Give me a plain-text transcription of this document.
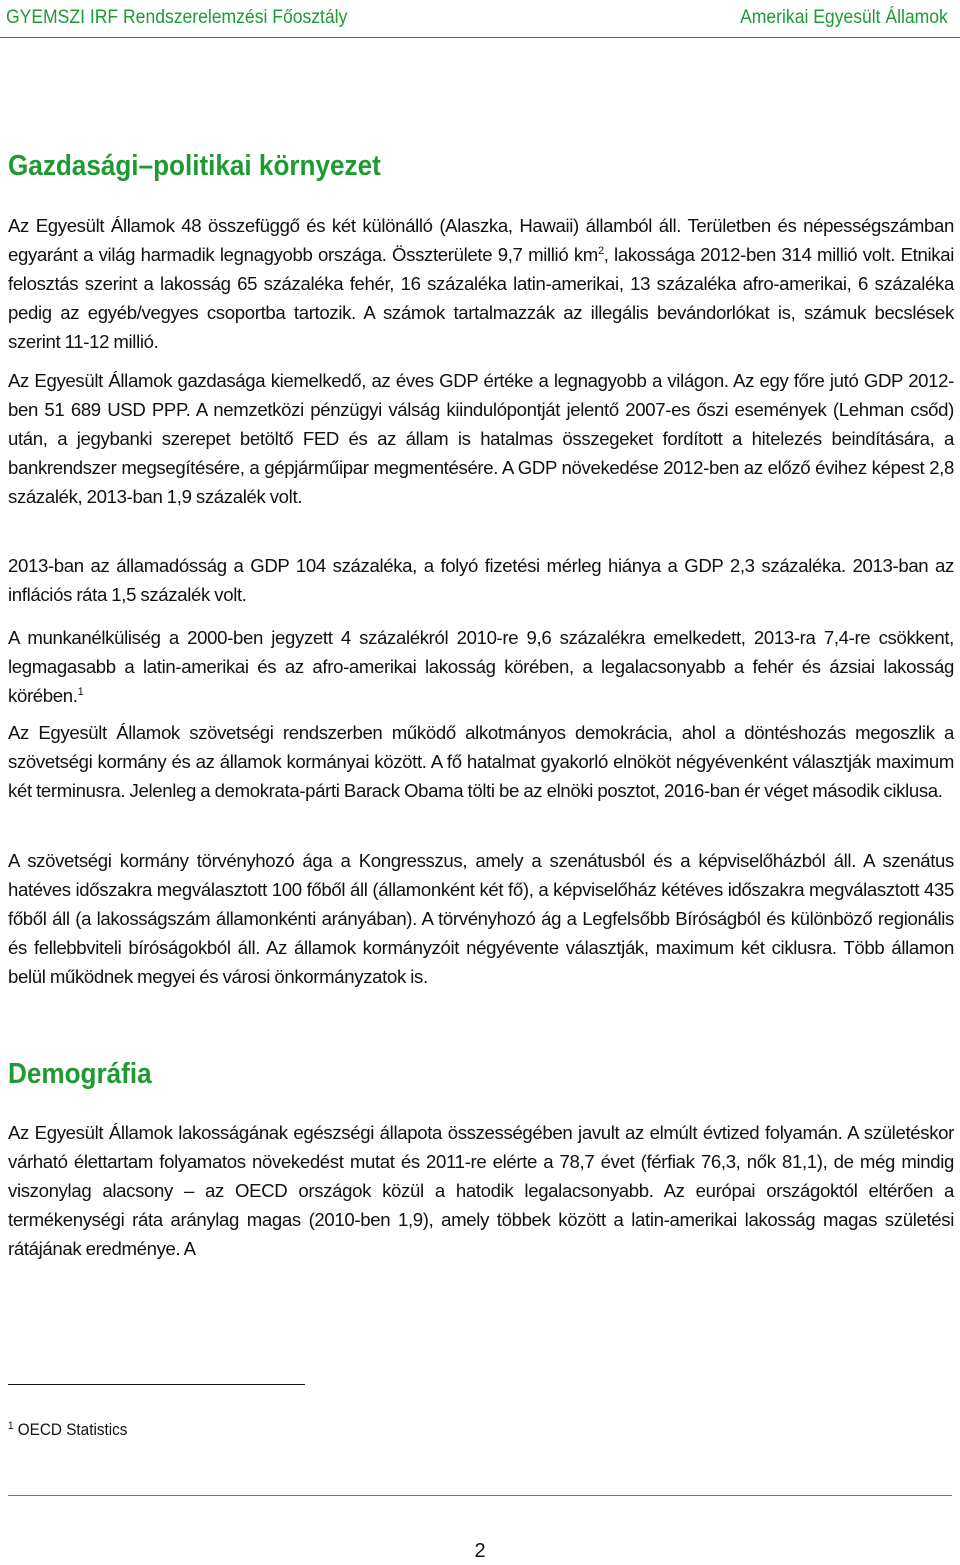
GYEMSZI IRF Rendszerelemzési Főosztály	Amerikai Egyesült Államok
Gazdasági–politikai környezet

Az Egyesült Államok 48 összefüggő és két különálló (Alaszka, Hawaii) államból áll. Területben és népességszámban egyaránt a világ harmadik legnagyobb országa. Összterülete 9,7 millió $km^2$, lakossága 2012-ben 314 millió volt. Etnikai felosztás szerint a lakosság 65 százaléka fehér, 16 százaléka latin-amerikai, 13 százaléka afro-amerikai, 6 százaléka pedig az egyéb/vegyes csoportba tartozik. A számok tartalmazzák az illegális bevándorlókat is, számuk becslések szerint 11-12 millió.

Az Egyesült Államok gazdasága kiemelkedő, az éves GDP értéke a legnagyobb a világon. Az egy főre jutó GDP 2012-ben 51 689 USD PPP. A nemzetközi pénzügyi válság kiindulópontját jelentő 2007-es őszi események (Lehman csőd) után, a jegybanki szerepet betöltő FED és az állam is hatalmas összegeket fordított a hitelezés beindítására, a bankrendszer megsegítésére, a gépjárműipar megmentésére. A GDP növekedése 2012-ben az előző évihez képest 2,8 százalék, 2013-ban 1,9 százalék volt.

2013-ban az államadósság a GDP 104 százaléka, a folyó fizetési mérleg hiánya a GDP 2,3 százaléka. 2013-ban az inflációs ráta 1,5 százalék volt.

A munkanélküliség a 2000-ben jegyzett 4 százalékról 2010-re 9,6 százalékra emelkedett, 2013-ra 7,4-re csökkent, legmagasabb a latin-amerikai és az afro-amerikai lakosság körében, a legalacsonyabb a fehér és ázsiai lakosság körében.$^1$

Az Egyesült Államok szövetségi rendszerben működő alkotmányos demokrácia, ahol a döntéshozás megoszlik a szövetségi kormány és az államok kormányai között. A fő hatalmat gyakorló elnököt négyévenként választják maximum két terminusra. Jelenleg a demokrata-párti Barack Obama tölti be az elnöki posztot, 2016-ban ér véget második ciklusa.

A szövetségi kormány törvényhozó ága a Kongresszus, amely a szenátusból és a képviselőházból áll. A szenátus hatéves időszakra megválasztott 100 főből áll (államonként két fő), a képviselőház kétéves időszakra megválasztott 435 főből áll (a lakosságszám államonkénti arányában). A törvényhozó ág a Legfelsőbb Bíróságból és különböző regionális és fellebbviteli bíróságokból áll. Az államok kormányzóit négyévente választják, maximum két ciklusra. Több államon belül működnek megyei és városi önkormányzatok is.

Demográfia

Az Egyesült Államok lakosságának egészségi állapota összességében javult az elmúlt évtized folyamán. A születéskor várható élettartam folyamatos növekedést mutat és 2011-re elérte a 78,7 évet (férfiak 76,3, nők 81,1), de még mindig viszonylag alacsony – az OECD országok közül a hatodik legalacsonyabb. Az európai országoktól eltérően a termékenységi ráta aránylag magas (2010-ben 1,9), amely többek között a latin-amerikai lakosság magas születési rátájának eredménye. A

$^1$ OECD Statistics
2
